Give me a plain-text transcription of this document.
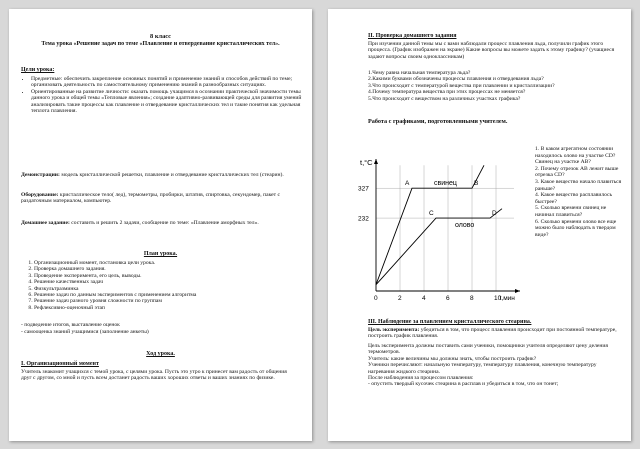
8 класс
Тема урока «Решение задач по теме «Плавление и отвердевание кристаллических тел».
Цели урока:
• Предметные: обеспечить закрепление основных понятий и применение знаний и способов действий по теме; организовать деятельность по самостоятельному применению знаний в разнообразных ситуациях.
• Ориентированные на развитие личности: оказать помощь учащимся в осознании практической значимости темы данного урока и общей темы «Тепловые явления»; создание адаптивно-развивающей среды для развития умений анализировать такие процессы как плавление и отвердевание кристаллических тел и такие понятия как удельная теплота плавления.
Демонстрации: модель кристаллической решетки, плавление и отвердевание кристаллических тел (стеарин).
Оборудование: кристаллическое тело( лед), термометры, пробирки, штатив, спиртовка, секундомер, пакет с раздаточным материалом, компьютер.
Домашнее задание: составить и решить 2 задачи, сообщение по теме: «Плавление аморфных тел».
План урока.
1. Организационный момент, постановка цели урока.
2. Проверка домашнего задания.
3. Проведение эксперимента, его цель, выводы.
4. Решение качественных задач
5. Физкультразминка
6. Решение задач по данным экспериментов с применением алгоритма
7. Решение задач разного уровня сложности по группам
8. Рефлексивно-оценочный этап
- подведение итогов, выставление оценок
- самооценка знаний учащимися (заполнение анкеты)
Ход урока.
I. Организационный момент
Учитель знакомит учащихся с темой урока, с целями урока. Пусть это утро к принесет вам радость от общения друг с другом, со мной и пусть всем достанет радость ваших хороших ответы и ваших знаниях по физике.
II. Проверка домашнего задания
При изучении данной темы мы с вами наблюдали процесс плавления льда, получили график этого процесса. (График изображен на экране) Какие вопросы вы можете задать к этому графику? (учащиеся задают вопросы своим одноклассникам)
1.Чему равна начальная температура льда?
2.Какими буквами обозначены процессы плавления и отвердевания льда?
3.Что происходит с температурой вещества при плавлении и кристаллизации?
4.Почему температура вещества при этих процессах не меняется?
5.Что происходит с веществом на различных участках графика?
Работа с графиками, подготовленными учителем.
t,°C
t,мин
0	2	4	6	8	10
232
327
A	B
свинец
C	D
олово
1. В каком агрегатном состоянии находилось олово на участке CD? Свинец на участке AB?
2. Почему отрезок AB лежит выше отрезка CD?
3. Какое вещество начало плавиться раньше?
4. Какое вещество расплавилось быстрее?
5. Сколько времени свинец не начинал плавиться?
6. Сколько времени олово все еще можно было наблюдать в твердом виде?
III. Наблюдение за плавлением кристаллического стеарина.
Цель эксперимента: убедиться в том, что процесс плавления происходит при постоянной температуре, построить график плавления.
Цель эксперимента должны поставить сами ученики, помощники учителя определяют цену деления термометров.
Учитель: какие величины мы должны знать, чтобы построить график?
Ученики перечисляют: начальную температуру, температуру плавления, конечную температуру нагревания жидкого стеарина.
После наблюдения за процессом плавления:
- опустить твердый кусочек стеарина в расплав и убедиться в том, что он тонет;
